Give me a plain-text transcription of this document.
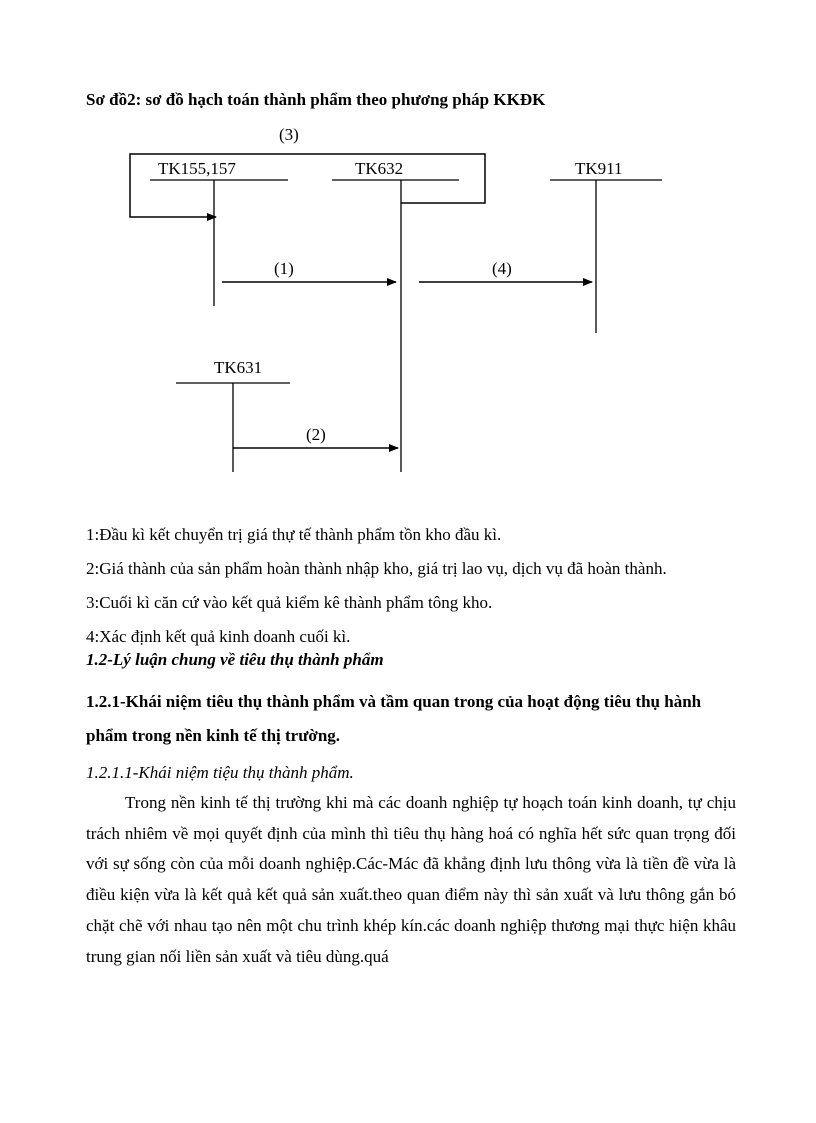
Sơ đồ2: sơ đồ hạch toán thành phẩm theo phương pháp KKĐK
TK155,157	TK632	TK911
TK631
(3)
(1)	(4)
(2)
1:Đầu kì kết chuyển trị giá thự tế thành phẩm tồn kho đầu kì.
2:Giá thành của sản phẩm hoàn thành nhập kho, giá trị lao vụ, dịch vụ đã hoàn thành.
3:Cuối kì căn cứ vào kết quả kiểm kê thành phẩm tông kho.
4:Xác định kết quả kinh doanh cuối kì.
1.2-Lý luận chung về tiêu thụ thành phẩm
1.2.1-Khái niệm tiêu thụ thành phẩm và tầm quan trong của hoạt động tiêu thụ hành phẩm trong nền kinh tế thị trường.
1.2.1.1-Khái niệm tiệu thụ thành phẩm.
Trong nền kinh tế thị trường khi mà các doanh nghiệp tự hoạch toán kinh doanh, tự chịu trách nhiêm về mọi quyết định của mình thì tiêu thụ hàng hoá có nghĩa hết sức quan trọng đối với sự sống còn của mỗi doanh nghiệp.Các-Mác đã khẳng định lưu thông vừa là tiền đề vừa là điều kiện vừa là kết quả kết quả sản xuất.theo quan điểm này thì sản xuất và lưu thông gắn bó chặt chẽ với nhau tạo nên một chu trình khép kín.các doanh nghiệp thương mại thực hiện khâu trung gian nối liền sản xuất và tiêu dùng.quá
